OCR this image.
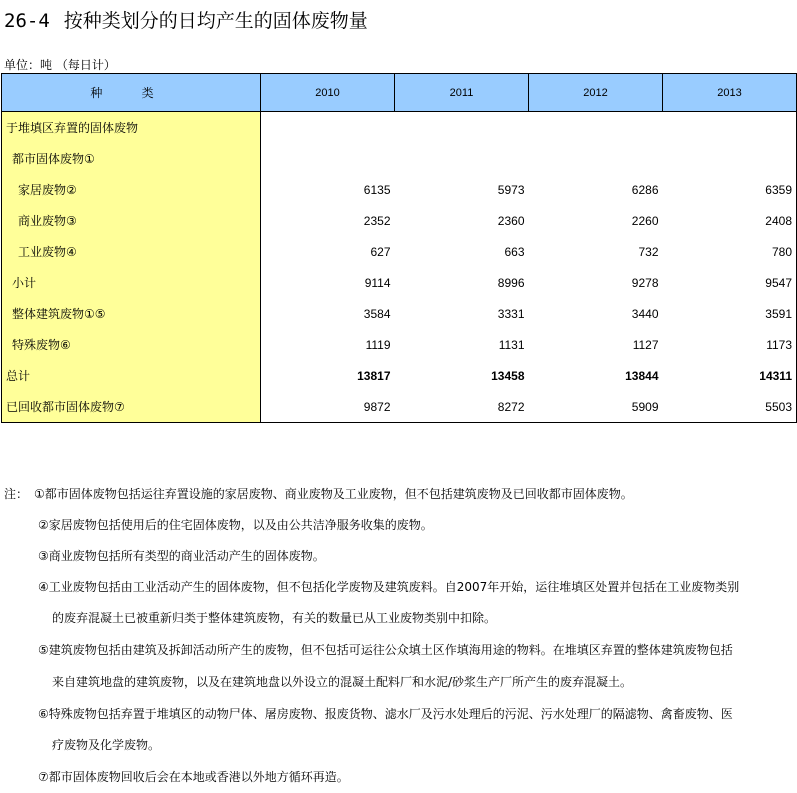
26-4 按种类划分的日均产生的固体废物量
单位：吨 （每日计）
种 类	2010	2011	2012	2013
于堆填区弃置的固体废物				
都市固体废物①				
家居废物②	6135	5973	6286	6359
商业废物③	2352	2360	2260	2408
工业废物④	627	663	732	780
小计	9114	8996	9278	9547
整体建筑废物①⑤	3584	3331	3440	3591
特殊废物⑥	1119	1131	1127	1173
总计	13817	13458	13844	14311
已回收都市固体废物⑦	9872	8272	5909	5503
注： ①都市固体废物包括运往弃置设施的家居废物、商业废物及工业废物，但不包括建筑废物及已回收都市固体废物。
②家居废物包括使用后的住宅固体废物，以及由公共洁净服务收集的废物。
③商业废物包括所有类型的商业活动产生的固体废物。
④工业废物包括由工业活动产生的固体废物，但不包括化学废物及建筑废料。自2007年开始，运往堆填区处置并包括在工业废物类别
的废弃混凝土已被重新归类于整体建筑废物，有关的数量已从工业废物类别中扣除。
⑤建筑废物包括由建筑及拆卸活动所产生的废物，但不包括可运往公众填土区作填海用途的物料。在堆填区弃置的整体建筑废物包括
来自建筑地盘的建筑废物，以及在建筑地盘以外设立的混凝土配料厂和水泥/砂浆生产厂所产生的废弃混凝土。
⑥特殊废物包括弃置于堆填区的动物尸体、屠房废物、报废货物、滤水厂及污水处理后的污泥、污水处理厂的隔滤物、禽畜废物、医
疗废物及化学废物。
⑦都市固体废物回收后会在本地或香港以外地方循环再造。
